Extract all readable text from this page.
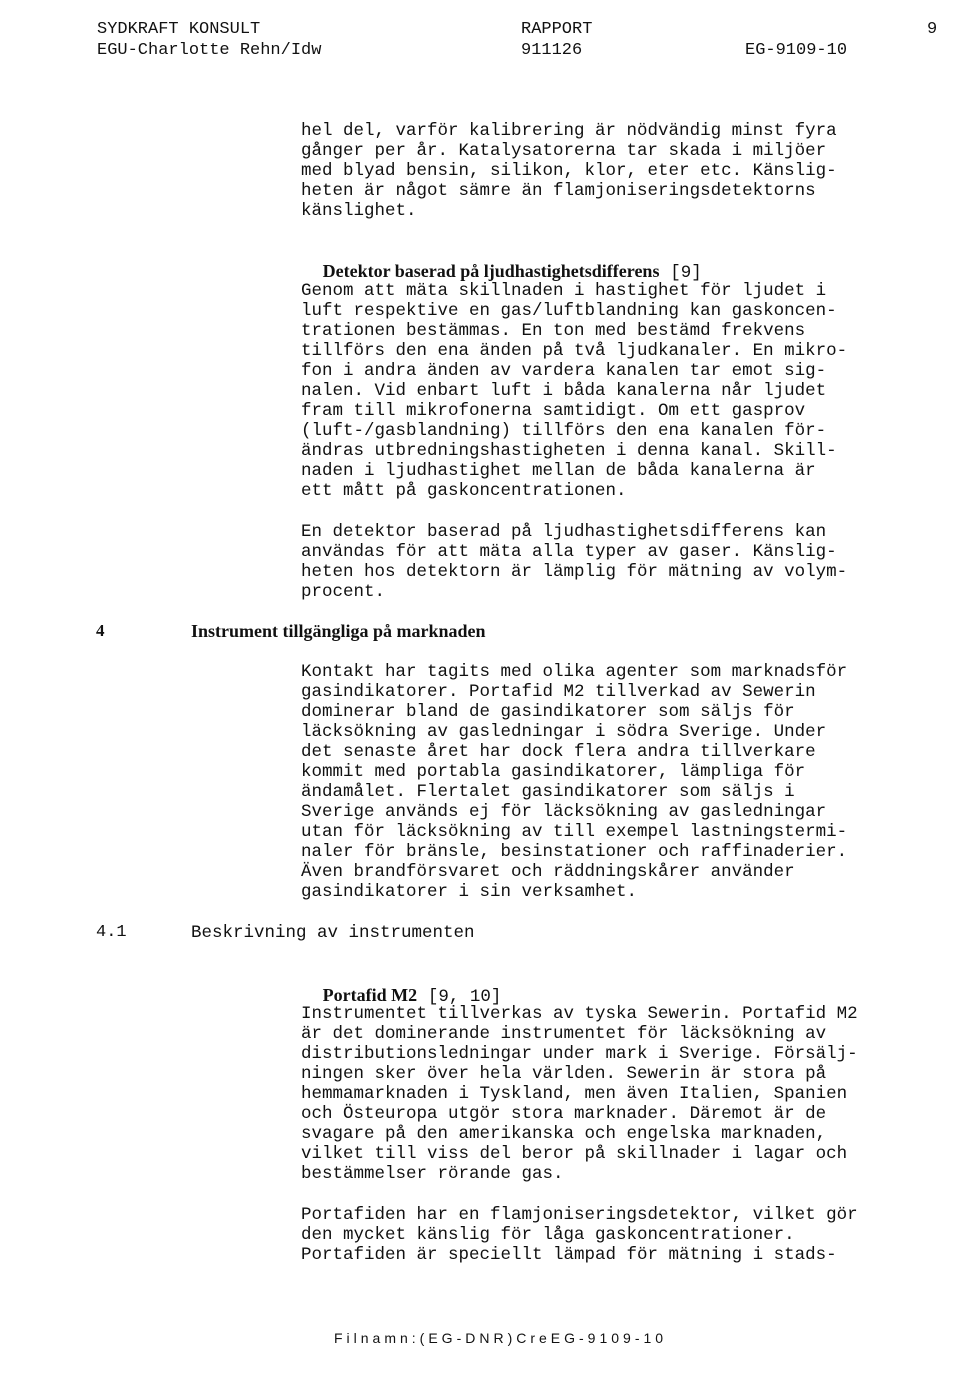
SYDKRAFT KONSULT
EGU-Charlotte Rehn/Idw
RAPPORT
911126	EG-9109-10
9
hel del, varför kalibrering är nödvändig minst fyra
gånger per år. Katalysatorerna tar skada i miljöer
med blyad bensin, silikon, klor, eter etc. Känslig-
heten är något sämre än flamjoniseringsdetektorns
känslighet.

Detektor baserad på ljudhastighetsdifferens [9]

Genom att mäta skillnaden i hastighet för ljudet i
luft respektive en gas/luftblandning kan gaskoncen-
trationen bestämmas. En ton med bestämd frekvens
tillförs den ena änden på två ljudkanaler. En mikro-
fon i andra änden av vardera kanalen tar emot sig-
nalen. Vid enbart luft i båda kanalerna når ljudet
fram till mikrofonerna samtidigt. Om ett gasprov
(luft-/gasblandning) tillförs den ena kanalen för-
ändras utbredningshastigheten i denna kanal. Skill-
naden i ljudhastighet mellan de båda kanalerna är
ett mått på gaskoncentrationen.
En detektor baserad på ljudhastighetsdifferens kan
användas för att mäta alla typer av gaser. Känslig-
heten hos detektorn är lämplig för mätning av volym-
procent.
4	Instrument tillgängliga på marknaden
Kontakt har tagits med olika agenter som marknadsför
gasindikatorer. Portafid M2 tillverkad av Sewerin
dominerar bland de gasindikatorer som säljs för
läcksökning av gasledningar i södra Sverige. Under
det senaste året har dock flera andra tillverkare
kommit med portabla gasindikatorer, lämpliga för
ändamålet. Flertalet gasindikatorer som säljs i
Sverige används ej för läcksökning av gasledningar
utan för läcksökning av till exempel lastningstermi-
naler för bränsle, besinstationer och raffinaderier.
Även brandförsvaret och räddningskårer använder
gasindikatorer i sin verksamhet.
4.1	Beskrivning av instrumenten

Portafid M2 [9, 10]

Instrumentet tillverkas av tyska Sewerin. Portafid M2
är det dominerande instrumentet för läcksökning av
distributionsledningar under mark i Sverige. Försälj-
ningen sker över hela världen. Sewerin är stora på
hemmamarknaden i Tyskland, men även Italien, Spanien
och Östeuropa utgör stora marknader. Däremot är de
svagare på den amerikanska och engelska marknaden,
vilket till viss del beror på skillnader i lagar och
bestämmelser rörande gas.
Portafiden har en flamjoniseringsdetektor, vilket gör
den mycket känslig för låga gaskoncentrationer.
Portafiden är speciellt lämpad för mätning i stads-
Filnamn:(EG-DNR)CreEG-9109-10
